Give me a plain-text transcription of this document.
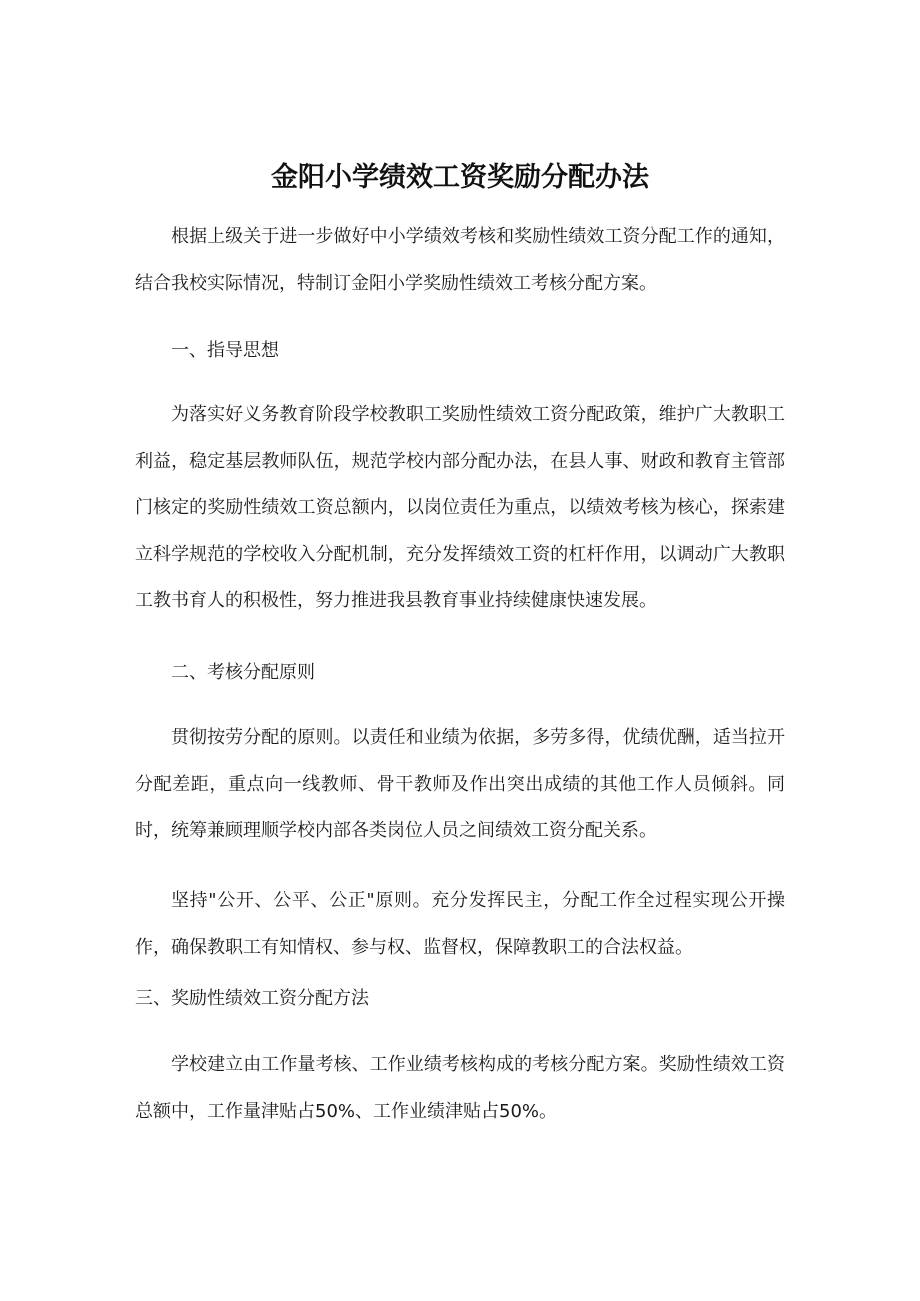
金阳小学绩效工资奖励分配办法

根据上级关于进一步做好中小学绩效考核和奖励性绩效工资分配工作的通知，结合我校实际情况，特制订金阳小学奖励性绩效工考核分配方案。

一、指导思想

为落实好义务教育阶段学校教职工奖励性绩效工资分配政策，维护广大教职工利益，稳定基层教师队伍，规范学校内部分配办法，在县人事、财政和教育主管部门核定的奖励性绩效工资总额内，以岗位责任为重点，以绩效考核为核心，探索建立科学规范的学校收入分配机制，充分发挥绩效工资的杠杆作用，以调动广大教职工教书育人的积极性，努力推进我县教育事业持续健康快速发展。

二、考核分配原则

贯彻按劳分配的原则。以责任和业绩为依据，多劳多得，优绩优酬，适当拉开分配差距，重点向一线教师、骨干教师及作出突出成绩的其他工作人员倾斜。同时，统筹兼顾理顺学校内部各类岗位人员之间绩效工资分配关系。

坚持"公开、公平、公正"原则。充分发挥民主，分配工作全过程实现公开操作，确保教职工有知情权、参与权、监督权，保障教职工的合法权益。

三、奖励性绩效工资分配方法

学校建立由工作量考核、工作业绩考核构成的考核分配方案。奖励性绩效工资总额中，工作量津贴占50%、工作业绩津贴占50%。
